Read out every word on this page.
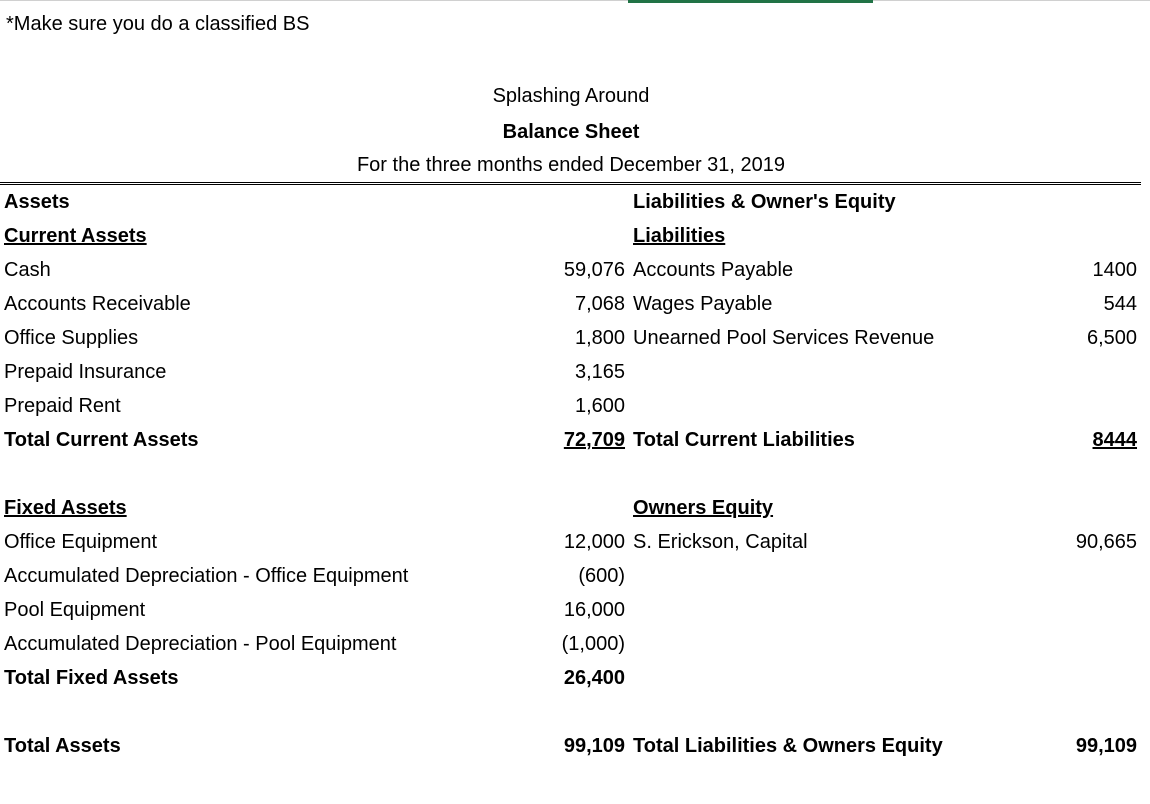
*Make sure you do a classified BS
Splashing Around
Balance Sheet
For the three months ended December 31, 2019
Assets		Liabilities & Owner's Equity	
Current Assets		Liabilities	
Cash	59,076	Accounts Payable	1400
Accounts Receivable	7,068	Wages Payable	544
Office Supplies	1,800	Unearned Pool Services Revenue	6,500
Prepaid Insurance	3,165		
Prepaid Rent	1,600		
Total Current Assets	72,709	Total Current Liabilities	8444

Fixed Assets		Owners Equity	
Office Equipment	12,000	S. Erickson, Capital	90,665
Accumulated Depreciation - Office Equipment	(600)		
Pool Equipment	16,000		
Accumulated Depreciation - Pool Equipment	(1,000)		
Total Fixed Assets	26,400		

Total Assets	99,109	Total Liabilities & Owners Equity	99,109
